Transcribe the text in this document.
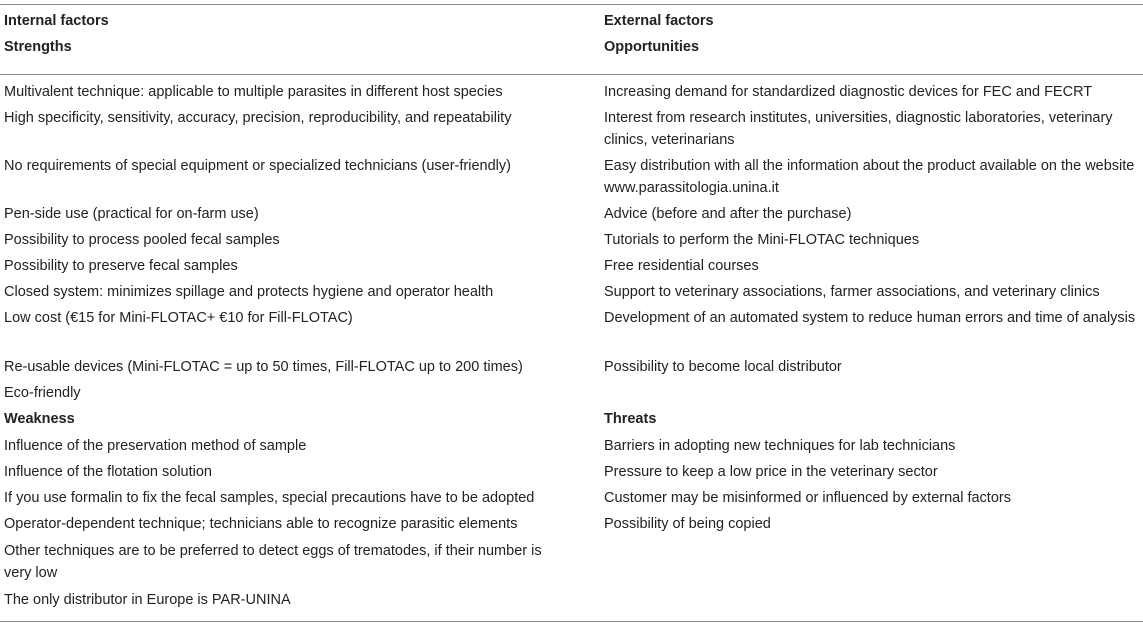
Internal factors
Strengths
External factors
Opportunities
Multivalent technique: applicable to multiple parasites in different host species
High specificity, sensitivity, accuracy, precision, reproducibility, and repeatability
No requirements of special equipment or specialized technicians (user-friendly)
Pen-side use (practical for on-farm use)
Possibility to process pooled fecal samples
Possibility to preserve fecal samples
Closed system: minimizes spillage and protects hygiene and operator health
Low cost (€15 for Mini-FLOTAC+ €10 for Fill-FLOTAC)
Re-usable devices (Mini-FLOTAC = up to 50 times, Fill-FLOTAC up to 200 times)
Eco-friendly
Weakness
Influence of the preservation method of sample
Influence of the flotation solution
If you use formalin to fix the fecal samples, special precautions have to be adopted
Operator-dependent technique; technicians able to recognize parasitic elements
Other techniques are to be preferred to detect eggs of trematodes, if their number is very low
The only distributor in Europe is PAR-UNINA
Increasing demand for standardized diagnostic devices for FEC and FECRT
Interest from research institutes, universities, diagnostic laboratories, veterinary clinics, veterinarians
Easy distribution with all the information about the product available on the website www.parassitologia.unina.it
Advice (before and after the purchase)
Tutorials to perform the Mini-FLOTAC techniques
Free residential courses
Support to veterinary associations, farmer associations, and veterinary clinics
Development of an automated system to reduce human errors and time of analysis
Possibility to become local distributor
Threats
Barriers in adopting new techniques for lab technicians
Pressure to keep a low price in the veterinary sector
Customer may be misinformed or influenced by external factors
Possibility of being copied
